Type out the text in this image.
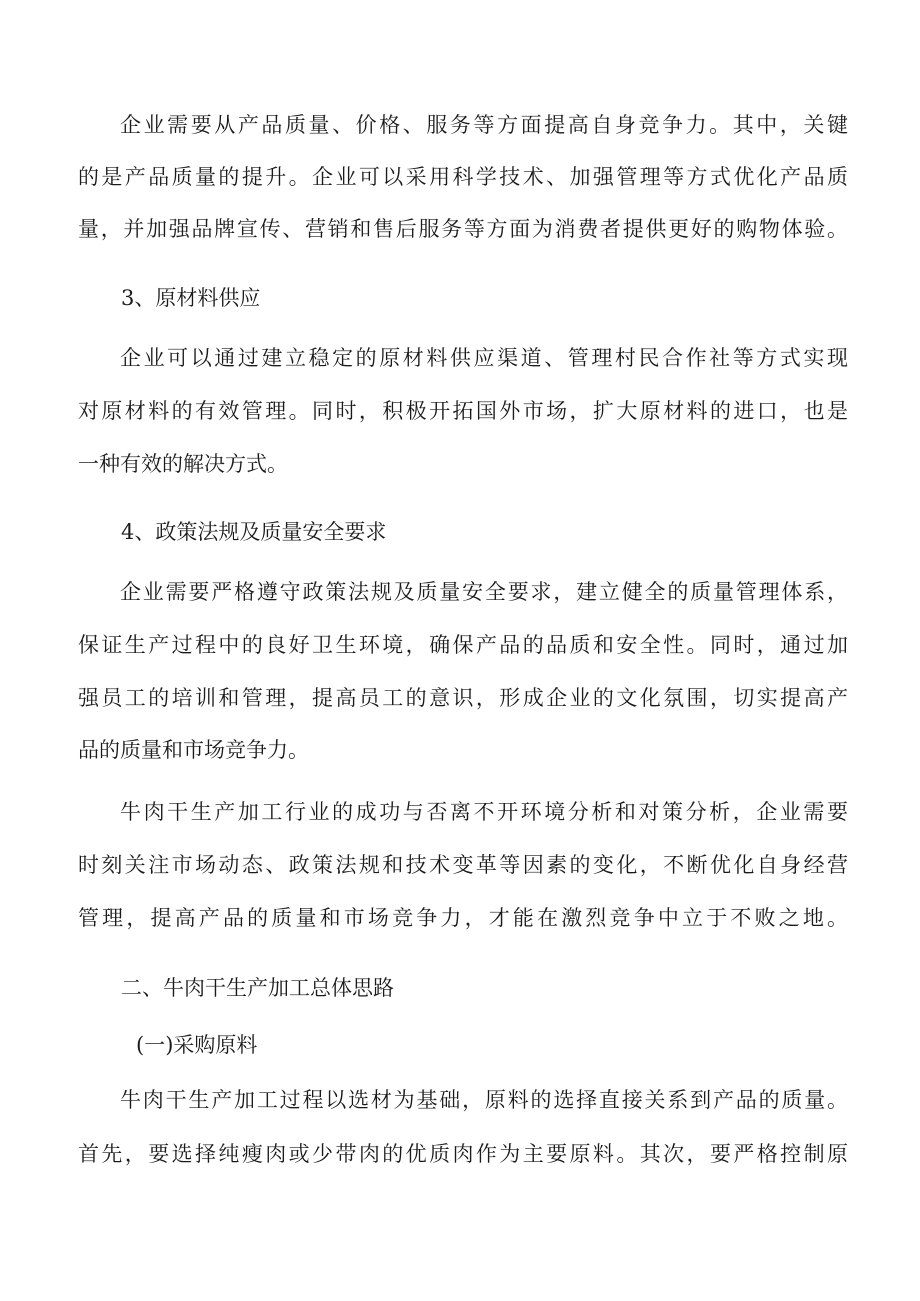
企业需要从产品质量、价格、服务等方面提高自身竞争力。其中，关键
的是产品质量的提升。企业可以采用科学技术、加强管理等方式优化产品质
量，并加强品牌宣传、营销和售后服务等方面为消费者提供更好的购物体验。
3、原材料供应
企业可以通过建立稳定的原材料供应渠道、管理村民合作社等方式实现
对原材料的有效管理。同时，积极开拓国外市场，扩大原材料的进口，也是
一种有效的解决方式。
4、政策法规及质量安全要求
企业需要严格遵守政策法规及质量安全要求，建立健全的质量管理体系，
保证生产过程中的良好卫生环境，确保产品的品质和安全性。同时，通过加
强员工的培训和管理，提高员工的意识，形成企业的文化氛围，切实提高产
品的质量和市场竞争力。
牛肉干生产加工行业的成功与否离不开环境分析和对策分析，企业需要
时刻关注市场动态、政策法规和技术变革等因素的变化，不断优化自身经营
管理，提高产品的质量和市场竞争力，才能在激烈竞争中立于不败之地。
二、牛肉干生产加工总体思路
(一)采购原料
牛肉干生产加工过程以选材为基础，原料的选择直接关系到产品的质量。
首先，要选择纯瘦肉或少带肉的优质肉作为主要原料。其次，要严格控制原
